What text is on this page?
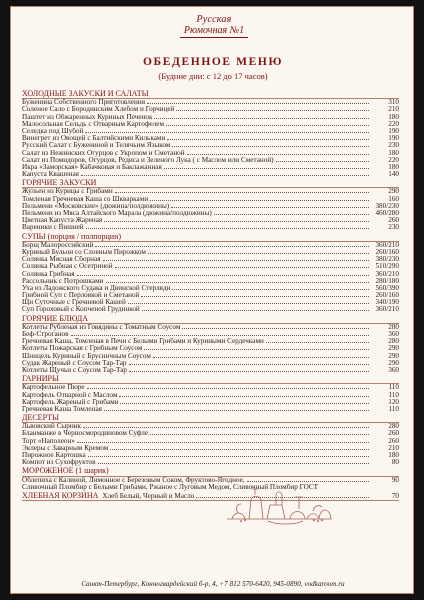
Русская
Рюмочная №1
ОБЕДЕННОЕ МЕНЮ
(Будние дни: с 12 до 17 часов)
ХОЛОДНЫЕ ЗАКУСКИ И САЛАТЫ
Буженина Собственного Приготовления	310
Соленое Сало с Бородинским Хлебом и Горчицей	210
Паштет из Обжаренных Куриных Печенок	180
Малосольная Сельдь с Отварным Картофелем	220
Селедка под Шубой	190
Винегрет из Овощей с Балтийскими Кильками	190
Русский Салат с Бужениной и Телячьим Языком	230
Салат из Нежинских Огурцов с Укропом и Сметаной	180
Салат из Помидоров, Огурцов, Редиса и Зеленого Лука ( с Маслом или Сметаной)	220
Икра «Заморская» Кабачковая и Баклажанная	180
Капуста Квашеная	140
ГОРЯЧИЕ ЗАКУСКИ
Жульен из Курицы с Грибами	290
Томленая Гречневая Каша со Шкварками	160
Пельмени «Московские» (дюжина/полдюжины)	380/230
Пельмени из Мяса Алтайского Марала (дюжина/полдюжины)	460/280
Цветная Капуста Жареная	260
Вареники с Вишней	230
СУПЫ (порция / полпорции)
Борщ Малороссийский	360/210
Куриный Бульон со Слоеным Пирожком	260/160
Солянка Мясная Сборная	380/230
Солянка Рыбная с Осетриной	510/290
Солянка Грибная	360/210
Рассольник с Потрошками	280/180
Уха из Ладожского Судака и Двинской Стерляди	560/390
Грибной Суп с Перловкой и Сметаной	260/160
Щи Суточные с Гречневой Кашей	340/190
Суп Гороховый с Копченой Грудинкой	360/210
ГОРЯЧИЕ БЛЮДА
Котлеты Рубленая из Говядины с Томатным Соусом	280
Беф-Строганов	360
Гречневая Каша, Томленая в Печи с Белыми Грибами и Куриными Сердечками	280
Котлеты Пожарская с Грибным Соусом	290
Шницель Куриный с Брусничным Соусом	290
Судак Жареный с Соусом Тар-Тар	290
Котлеты Щучьи с Соусом Тар-Тар	360
ГАРНИРЫ
Картофельное Пюре	110
Картофель Отварной с Маслом	110
Картофель Жареный с Грибами	120
Гречневая Каша Томленая	110
ДЕСЕРТЫ
Львовский Сырник	280
Бланманже в Черносмородиновом Суфле	260
Торт «Наполеон»	260
Эклеры с Заварным Кремом	210
Пирожное Картошка	180
Компот из Сухофруктов	80
МОРОЖЕНОЕ (1 шарик)
Облепиха с Калиной, Лимонное с Березовым Соком, Фруктово-Ягодное,	90
Сливочный Пломбир с Белыми Грибами, Ржаное с Луговым Медом, Сливочный Пломбир ГОСТ
ХЛЕБНАЯ КОРЗИНА Хлеб Белый, Черный и Масло	70
Санкт-Петербург, Конногвардейский б-р, 4, +7 812 570-6420, 945-0890, vodkaroom.ru
